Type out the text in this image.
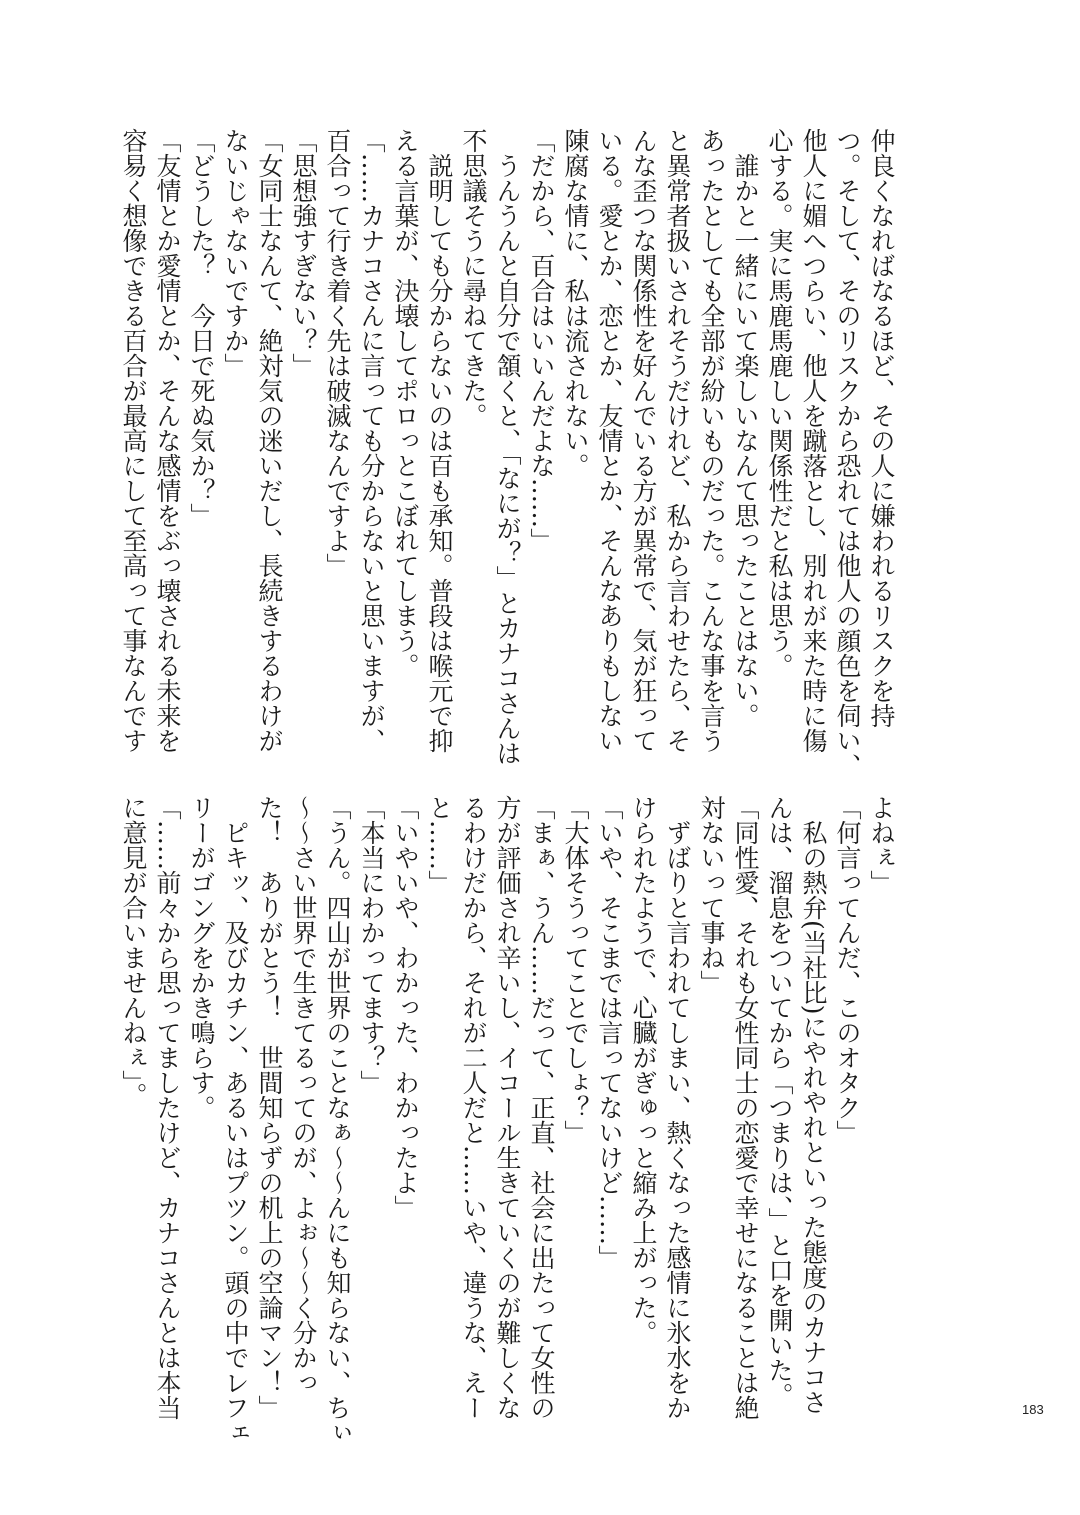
仲良くなればなるほど、その人に嫌われるリスクを持
つ。そして、そのリスクから恐れては他人の顔色を伺い、
他人に媚へつらい、他人を蹴落とし、別れが来た時に傷
心する。実に馬鹿馬鹿しい関係性だと私は思う。
　誰かと一緒にいて楽しいなんて思ったことはない。
あったとしても全部が紛いものだった。こんな事を言う
と異常者扱いされそうだけれど、私から言わせたら、そ
んな歪つな関係性を好んでいる方が異常で、気が狂って
いる。愛とか、恋とか、友情とか、そんなありもしない
陳腐な情に、私は流されない。
「だから、百合はいいんだよな……」
　うんうんと自分で頷くと、「なにが？」とカナコさんは
不思議そうに尋ねてきた。
　説明しても分からないのは百も承知。普段は喉元で抑
える言葉が、決壊してポロっとこぼれてしまう。
「……カナコさんに言っても分からないと思いますが、
百合って行き着く先は破滅なんですよ」
「思想強すぎない？」
「女同士なんて、絶対気の迷いだし、長続きするわけが
ないじゃないですか」
「どうした？　今日で死ぬ気か？」
「友情とか愛情とか、そんな感情をぶっ壊される未来を
容易く想像できる百合が最高にして至高って事なんです
よねぇ」
「何言ってんだ、このオタク」
　私の熱弁(当社比)にやれやれといった態度のカナコさ
んは、溜息をついてから「つまりは、」と口を開いた。
「同性愛、それも女性同士の恋愛で幸せになることは絶
対ないって事ね」
　ずばりと言われてしまい、熱くなった感情に氷水をか
けられたようで、心臓がぎゅっと縮み上がった。
「いや、そこまでは言ってないけど……」
「大体そうってことでしょ？」
「まぁ、うん……だって、正直、社会に出たって女性の
方が評価され辛いし、イコール生きていくのが難しくな
るわけだから、それが二人だと……いや、違うな、えー
と……」
「いやいや、わかった、わかったよ」
「本当にわかってます？」
「うん。四山が世界のことなぁ～～んにも知らない、ちぃ
～～さい世界で生きてるってのが、よぉ～～く分かっ
た！　ありがとう！　世間知らずの机上の空論マン！」
　ピキッ、及びカチン、あるいはプツン。頭の中でレフェ
リーがゴングをかき鳴らす。
「……前々から思ってましたけど、カナコさんとは本当
に意見が合いませんねぇ」。
183
